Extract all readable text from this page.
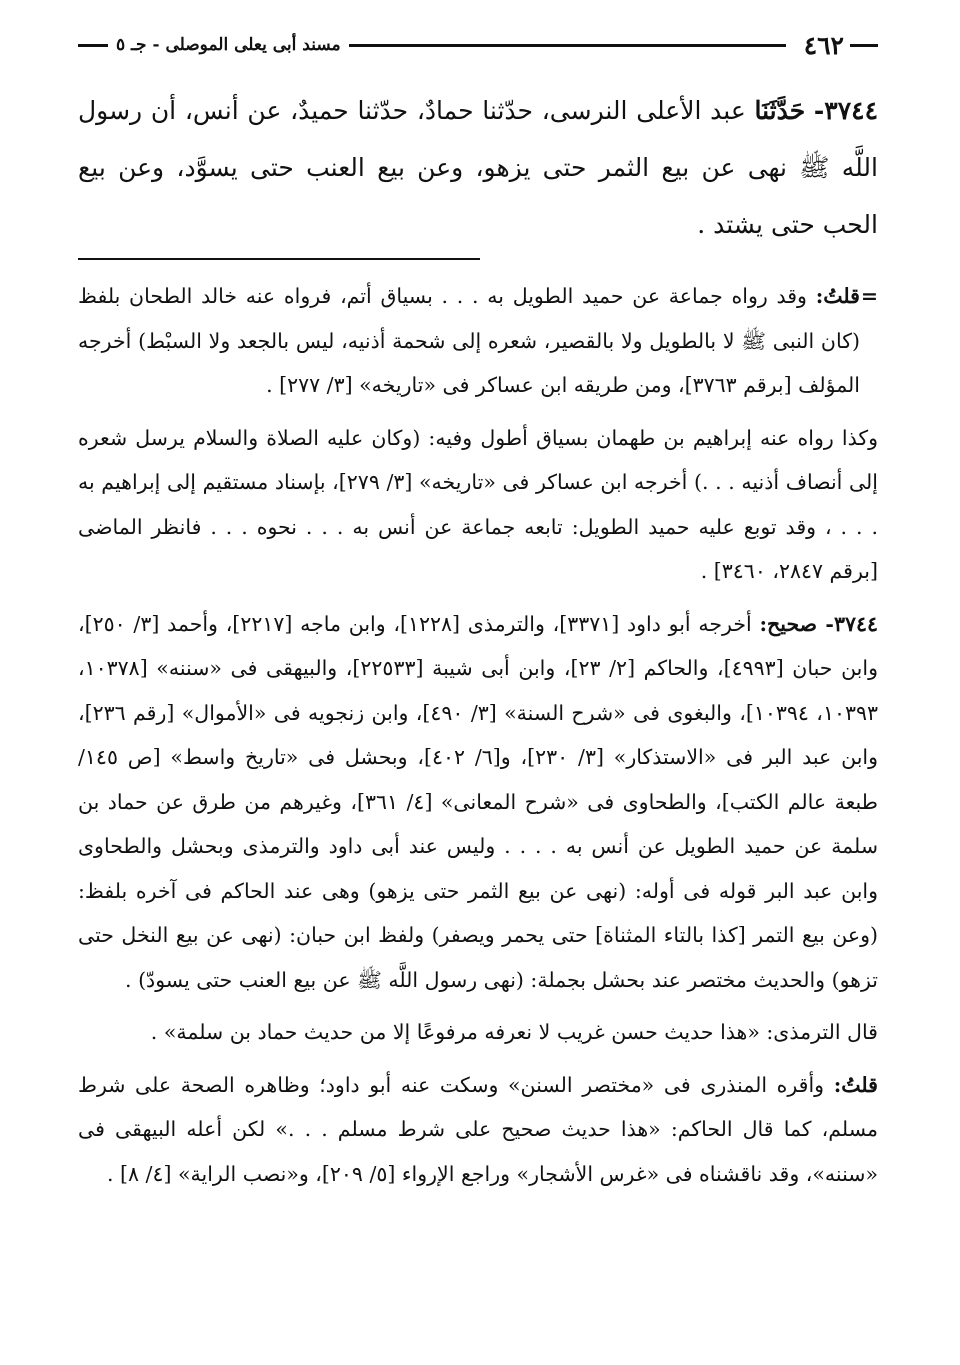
٤٦٢
مسند أبى يعلى الموصلى - جـ ٥
٣٧٤٤- حَدَّثَنَا عبد الأعلى النرسى، حدّثنا حمادٌ، حدّثنا حميدٌ، عن أنس، أن رسول اللَّه ﷺ نهى عن بيع الثمر حتى يزهو، وعن بيع العنب حتى يسوَّد، وعن بيع الحب حتى يشتد .

=
قلتُ: وقد رواه جماعة عن حميد الطويل به . . . بسياق أتم، فرواه عنه خالد الطحان بلفظ (كان النبى ﷺ لا بالطويل ولا بالقصير، شعره إلى شحمة أذنيه، ليس بالجعد ولا السبْط) أخرجه المؤلف [برقم ٣٧٦٣]، ومن طريقه ابن عساكر فى «تاريخه» [٣/ ٢٧٧] .

وكذا رواه عنه إبراهيم بن طهمان بسياق أطول وفيه: (وكان عليه الصلاة والسلام يرسل شعره إلى أنصاف أذنيه . . .) أخرجه ابن عساكر فى «تاريخه» [٣/ ٢٧٩]، بإسناد مستقيم إلى إبراهيم به . . . ، وقد توبع عليه حميد الطويل: تابعه جماعة عن أنس به . . . نحوه . . . فانظر الماضى [برقم ٢٨٤٧، ٣٤٦٠] .

٣٧٤٤- صحيح: أخرجه أبو داود [٣٣٧١]، والترمذى [١٢٢٨]، وابن ماجه [٢٢١٧]، وأحمد [٣/ ٢٥٠]، وابن حبان [٤٩٩٣]، والحاكم [٢/ ٢٣]، وابن أبى شيبة [٢٢٥٣٣]، والبيهقى فى «سننه» [١٠٣٧٨، ١٠٣٩٣، ١٠٣٩٤]، والبغوى فى «شرح السنة» [٣/ ٤٩٠]، وابن زنجويه فى «الأموال» [رقم ٢٣٦]، وابن عبد البر فى «الاستذكار» [٣/ ٢٣٠]، و[٦/ ٤٠٢]، وبحشل فى «تاريخ واسط» [ص ١٤٥/ طبعة عالم الكتب]، والطحاوى فى «شرح المعانى» [٤/ ٣٦١]، وغيرهم من طرق عن حماد بن سلمة عن حميد الطويل عن أنس به . . . . وليس عند أبى داود والترمذى وبحشل والطحاوى وابن عبد البر قوله فى أوله: (نهى عن بيع الثمر حتى يزهو) وهى عند الحاكم فى آخره بلفظ: (وعن بيع التمر [كذا بالتاء المثناة] حتى يحمر ويصفر) ولفظ ابن حبان: (نهى عن بيع النخل حتى تزهو) والحديث مختصر عند بحشل بجملة: (نهى رسول اللَّه ﷺ عن بيع العنب حتى يسودّ) .

قال الترمذى: «هذا حديث حسن غريب لا نعرفه مرفوعًا إلا من حديث حماد بن سلمة» .

قلتُ: وأقره المنذرى فى «مختصر السنن» وسكت عنه أبو داود؛ وظاهره الصحة على شرط مسلم، كما قال الحاكم: «هذا حديث صحيح على شرط مسلم . . .» لكن أعله البيهقى فى «سننه»، وقد ناقشناه فى «غرس الأشجار» وراجع الإرواء [٥/ ٢٠٩]، و«نصب الراية» [٤/ ٨] .
